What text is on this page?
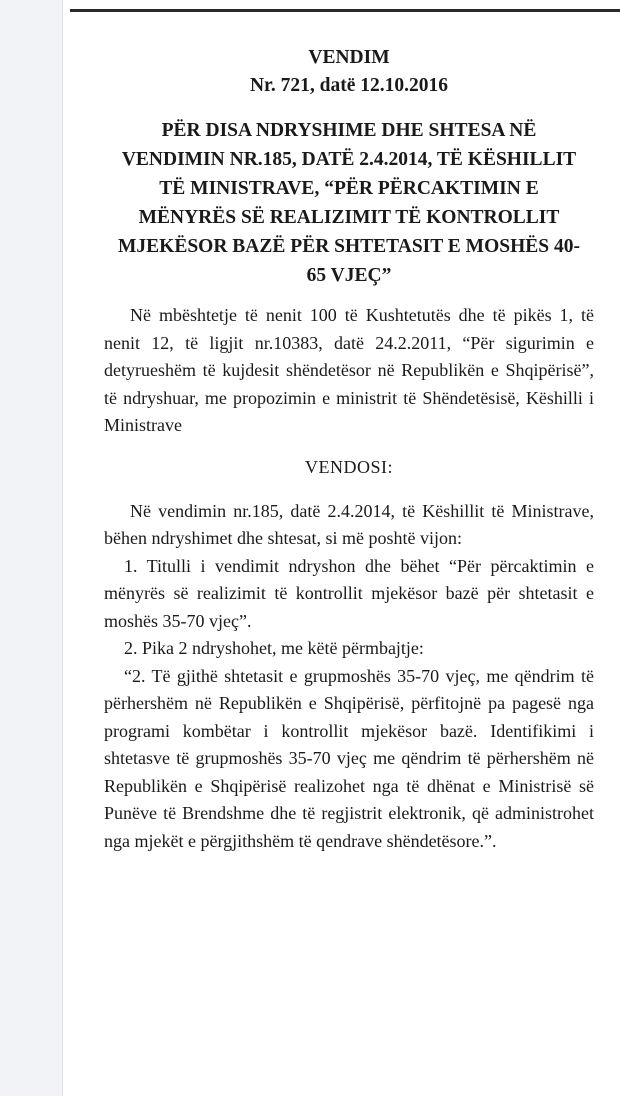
VENDIM

Nr. 721, datë 12.10.2016

PËR DISA NDRYSHIME DHE SHTESA NË VENDIMIN NR.185, DATË 2.4.2014, TË KËSHILLIT TË MINISTRAVE, “PËR PËRCAKTIMIN E MËNYRËS SË REALIZIMIT TË KONTROLLIT MJEKËSOR BAZË PËR SHTETASIT E MOSHËS 40-65 VJEÇ”

Në mbështetje të nenit 100 të Kushtetutës dhe të pikës 1, të nenit 12, të ligjit nr.10383, datë 24.2.2011, “Për sigurimin e detyrueshëm të kujdesit shëndetësor në Republikën e Shqipërisë”, të ndryshuar, me propozimin e ministrit të Shëndetësisë, Këshilli i Ministrave

VENDOSI:

Në vendimin nr.185, datë 2.4.2014, të Këshillit të Ministrave, bëhen ndryshimet dhe shtesat, si më poshtë vijon:

1. Titulli i vendimit ndryshon dhe bëhet “Për përcaktimin e mënyrës së realizimit të kontrollit mjekësor bazë për shtetasit e moshës 35-70 vjeç”.

2. Pika 2 ndryshohet, me këtë përmbajtje:

“2. Të gjithë shtetasit e grupmoshës 35-70 vjeç, me qëndrim të përhershëm në Republikën e Shqipërisë, përfitojnë pa pagesë nga programi kombëtar i kontrollit mjekësor bazë. Identifikimi i shtetasve të grupmoshës 35-70 vjeç me qëndrim të përhershëm në Republikën e Shqipërisë realizohet nga të dhënat e Ministrisë së Punëve të Brendshme dhe të regjistrit elektronik, që administrohet nga mjekët e përgjithshëm të qendrave shëndetësore.”.
